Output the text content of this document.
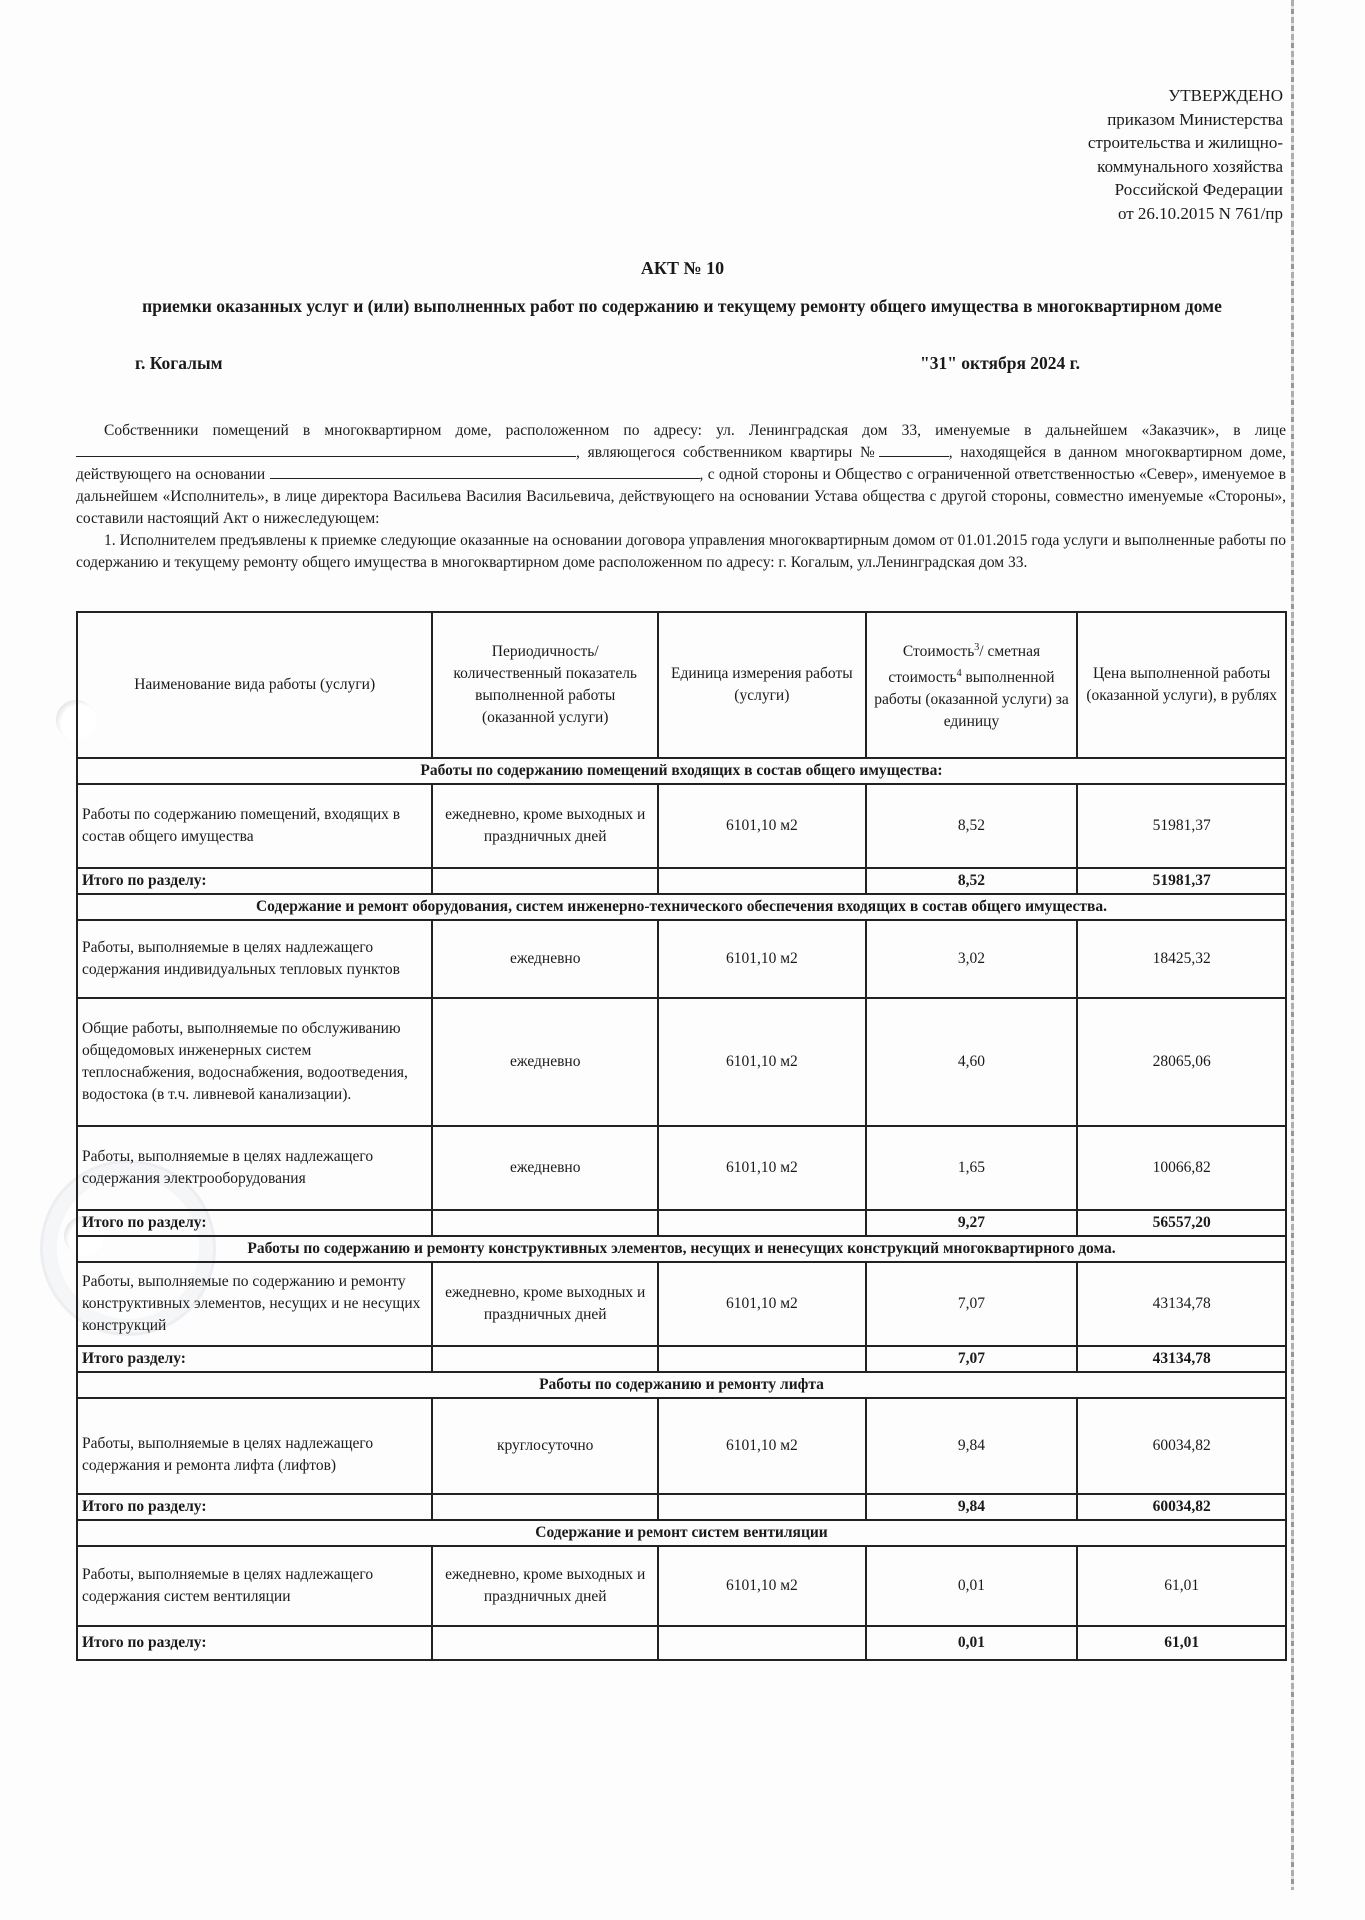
УТВЕРЖДЕНО
приказом Министерства
строительства и жилищно-
коммунального хозяйства
Российской Федерации
от 26.10.2015 N 761/пр
АКТ № 10
приемки оказанных услуг и (или) выполненных работ по содержанию и текущему ремонту общего имущества в многоквартирном доме
г. Когалым	"31" октября 2024 г.

Собственники помещений в многоквартирном доме, расположенном по адресу: ул. Ленинградская дом 33, именуемые в дальнейшем «Заказчик», в лице , являющегося собственником квартиры №	, находящейся в данном многоквартирном доме, действующего на основании	, с одной стороны и Общество с ограниченной ответственностью «Север», именуемое в дальнейшем «Исполнитель», в лице директора Васильева Василия Васильевича, действующего на основании Устава общества с другой стороны, совместно именуемые «Стороны», составили настоящий Акт о нижеследующем:

1. Исполнителем предъявлены к приемке следующие оказанные на основании договора управления многоквартирным домом от 01.01.2015 года услуги и выполненные работы по содержанию и текущему ремонту общего имущества в многоквартирном доме расположенном по адресу: г. Когалым, ул.Ленинградская дом 33.

Наименование вида работы (услуги)	Периодичность/ количественный показатель выполненной работы (оказанной услуги)	Единица измерения работы (услуги)	Стоимость$^3$/ сметная стоимость$^4$ выполненной работы (оказанной услуги) за единицу	Цена выполненной работы (оказанной услуги), в рублях
Работы по содержанию помещений входящих в состав общего имущества:				
Работы по содержанию помещений, входящих в состав общего имущества	ежедневно, кроме выходных и праздничных дней	6101,10 м2	8,52	51981,37
Итого по разделу:			8,52	51981,37
Содержание и ремонт оборудования, систем инженерно-технического обеспечения входящих в состав общего имущества.				
Работы, выполняемые в целях надлежащего содержания индивидуальных тепловых пунктов	ежедневно	6101,10 м2	3,02	18425,32
Общие работы, выполняемые по обслуживанию общедомовых инженерных систем теплоснабжения, водоснабжения, водоотведения, водостока (в т.ч. ливневой канализации).	ежедневно	6101,10 м2	4,60	28065,06
Работы, выполняемые в целях надлежащего содержания электрооборудования	ежедневно	6101,10 м2	1,65	10066,82
Итого по разделу:			9,27	56557,20
Работы по содержанию и ремонту конструктивных элементов, несущих и ненесущих конструкций многоквартирного дома.				
Работы, выполняемые по содержанию и ремонту конструктивных элементов, несущих и не несущих конструкций	ежедневно, кроме выходных и праздничных дней	6101,10 м2	7,07	43134,78
Итого разделу:			7,07	43134,78
Работы по содержанию и ремонту лифта				
Работы, выполняемые в целях надлежащего содержания и ремонта лифта (лифтов)	круглосуточно	6101,10 м2	9,84	60034,82
Итого по разделу:			9,84	60034,82
Содержание и ремонт систем вентиляции				
Работы, выполняемые в целях надлежащего содержания систем вентиляции	ежедневно, кроме выходных и праздничных дней	6101,10 м2	0,01	61,01
Итого по разделу:			0,01	61,01
